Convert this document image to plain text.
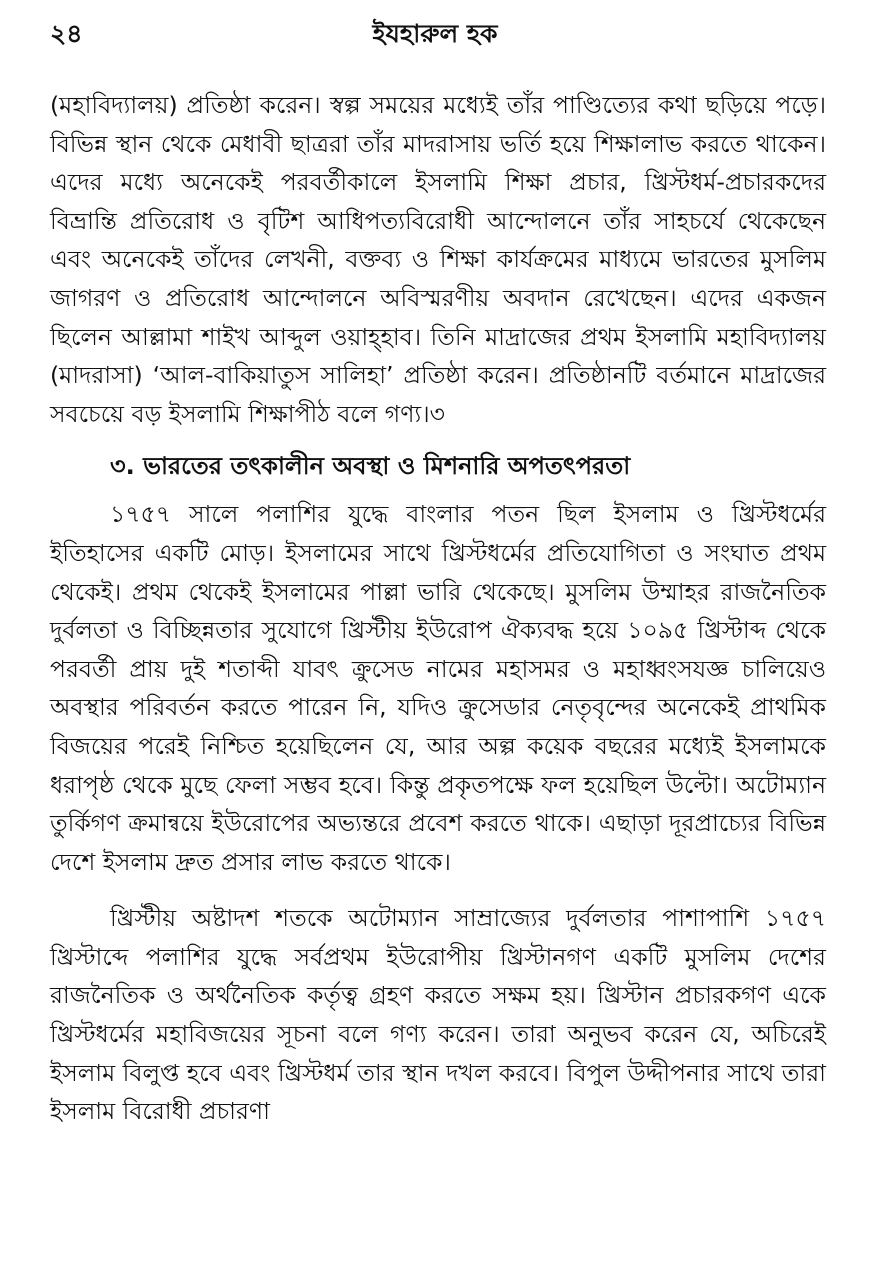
২৪	ইযহারুল হক

(মহাবিদ্যালয়) প্রতিষ্ঠা করেন। স্বল্প সময়ের মধ্যেই তাঁর পাণ্ডিত্যের কথা ছড়িয়ে পড়ে। বিভিন্ন স্থান থেকে মেধাবী ছাত্ররা তাঁর মাদরাসায় ভর্তি হয়ে শিক্ষালাভ করতে থাকেন। এদের মধ্যে অনেকেই পরবর্তীকালে ইসলামি শিক্ষা প্রচার, খ্রিস্টধর্ম-প্রচারকদের বিভ্রান্তি প্রতিরোধ ও বৃটিশ আধিপত্যবিরোধী আন্দোলনে তাঁর সাহচর্যে থেকেছেন এবং অনেকেই তাঁদের লেখনী, বক্তব্য ও শিক্ষা কার্যক্রমের মাধ্যমে ভারতের মুসলিম জাগরণ ও প্রতিরোধ আন্দোলনে অবিস্মরণীয় অবদান রেখেছেন। এদের একজন ছিলেন আল্লামা শাইখ আব্দুল ওয়াহ্হাব। তিনি মাদ্রাজের প্রথম ইসলামি মহাবিদ্যালয় (মাদরাসা) ‘আল-বাকিয়াতুস সালিহা’ প্রতিষ্ঠা করেন। প্রতিষ্ঠানটি বর্তমানে মাদ্রাজের সবচেয়ে বড় ইসলামি শিক্ষাপীঠ বলে গণ্য।৩

৩. ভারতের তৎকালীন অবস্থা ও মিশনারি অপতৎপরতা

১৭৫৭ সালে পলাশির যুদ্ধে বাংলার পতন ছিল ইসলাম ও খ্রিস্টধর্মের ইতিহাসের একটি মোড়। ইসলামের সাথে খ্রিস্টধর্মের প্রতিযোগিতা ও সংঘাত প্রথম থেকেই। প্রথম থেকেই ইসলামের পাল্লা ভারি থেকেছে। মুসলিম উম্মাহর রাজনৈতিক দুর্বলতা ও বিচ্ছিন্নতার সুযোগে খ্রিস্টীয় ইউরোপ ঐক্যবদ্ধ হয়ে ১০৯৫ খ্রিস্টাব্দ থেকে পরবর্তী প্রায় দুই শতাব্দী যাবৎ ক্রুসেড নামের মহাসমর ও মহাধ্বংসযজ্ঞ চালিয়েও অবস্থার পরিবর্তন করতে পারেন নি, যদিও ক্রুসেডার নেতৃবৃন্দের অনেকেই প্রাথমিক বিজয়ের পরেই নিশ্চিত হয়েছিলেন যে, আর অল্প কয়েক বছরের মধ্যেই ইসলামকে ধরাপৃষ্ঠ থেকে মুছে ফেলা সম্ভব হবে। কিন্তু প্রকৃতপক্ষে ফল হয়েছিল উল্টো। অটোম্যান তুর্কিগণ ক্রমান্বয়ে ইউরোপের অভ্যন্তরে প্রবেশ করতে থাকে। এছাড়া দূরপ্রাচ্যের বিভিন্ন দেশে ইসলাম দ্রুত প্রসার লাভ করতে থাকে।

খ্রিস্টীয় অষ্টাদশ শতকে অটোম্যান সাম্রাজ্যের দুর্বলতার পাশাপাশি ১৭৫৭ খ্রিস্টাব্দে পলাশির যুদ্ধে সর্বপ্রথম ইউরোপীয় খ্রিস্টানগণ একটি মুসলিম দেশের রাজনৈতিক ও অর্থনৈতিক কর্তৃত্ব গ্রহণ করতে সক্ষম হয়। খ্রিস্টান প্রচারকগণ একে খ্রিস্টধর্মের মহাবিজয়ের সূচনা বলে গণ্য করেন। তারা অনুভব করেন যে, অচিরেই ইসলাম বিলুপ্ত হবে এবং খ্রিস্টধর্ম তার স্থান দখল করবে। বিপুল উদ্দীপনার সাথে তারা ইসলাম বিরোধী প্রচারণা
